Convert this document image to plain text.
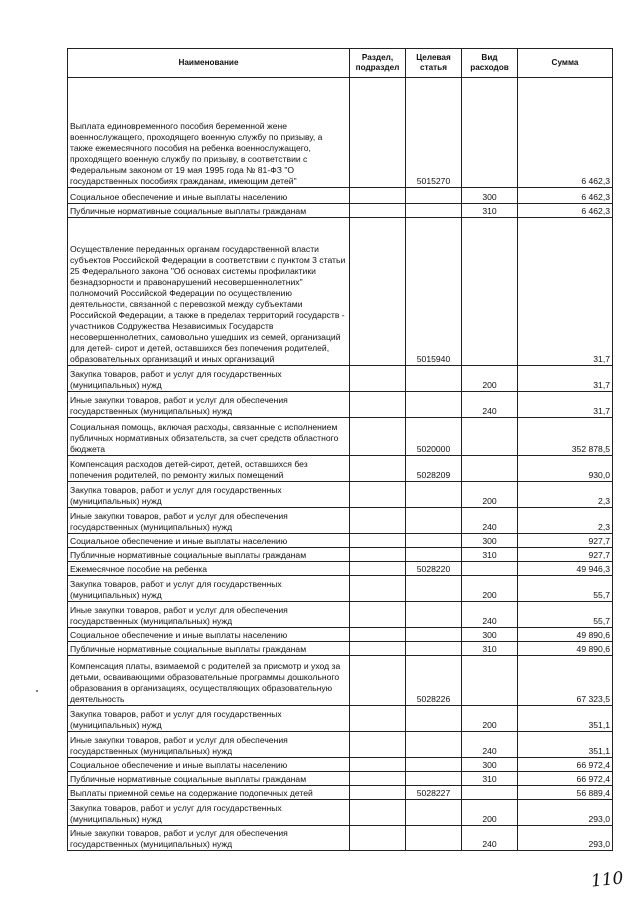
Наименование	Раздел, подраздел	Целевая статья	Вид расходов	Сумма
Выплата единовременного пособия беременной жене военнослужащего, проходящего военную службу по призыву, а также ежемесячного пособия на ребенка военнослужащего, проходящего военную службу по призыву, в соответствии с Федеральным законом от 19 мая 1995 года № 81-ФЗ "О государственных пособиях гражданам, имеющим детей"		5015270		6 462,3
Социальное обеспечение и иные выплаты населению			300	6 462,3
Публичные нормативные социальные выплаты гражданам			310	6 462,3
Осуществление переданных органам государственной власти субъектов Российской Федерации в соответствии с пунктом 3 статьи 25 Федерального закона "Об основах системы профилактики безнадзорности и правонарушений несовершеннолетних" полномочий Российской Федерации по осуществлению деятельности, связанной с перевозкой между субъектами Российской Федерации, а также в пределах территорий государств - участников Содружества Независимых Государств несовершеннолетних, самовольно ушедших из семей, организаций для детей- сирот и детей, оставшихся без попечения родителей, образовательных организаций и иных организаций		5015940		31,7
Закупка товаров, работ и услуг для государственных (муниципальных) нужд			200	31,7
Иные закупки товаров, работ и услуг для обеспечения государственных (муниципальных) нужд			240	31,7
Социальная помощь, включая расходы, связанные с исполнением публичных нормативных обязательств, за счет средств областного бюджета		5020000		352 878,5
Компенсация расходов детей-сирот, детей, оставшихся без попечения родителей, по ремонту жилых помещений		5028209		930,0
Закупка товаров, работ и услуг для государственных (муниципальных) нужд			200	2,3
Иные закупки товаров, работ и услуг для обеспечения государственных (муниципальных) нужд			240	2,3
Социальное обеспечение и иные выплаты населению			300	927,7
Публичные нормативные социальные выплаты гражданам			310	927,7
Ежемесячное пособие на ребенка		5028220		49 946,3
Закупка товаров, работ и услуг для государственных (муниципальных) нужд			200	55,7
Иные закупки товаров, работ и услуг для обеспечения государственных (муниципальных) нужд			240	55,7
Социальное обеспечение и иные выплаты населению			300	49 890,6
Публичные нормативные социальные выплаты гражданам			310	49 890,6
Компенсация платы, взимаемой с родителей за присмотр и уход за детьми, осваивающими образовательные программы дошкольного образования в организациях, осуществляющих образовательную деятельность		5028226		67 323,5
Закупка товаров, работ и услуг для государственных (муниципальных) нужд			200	351,1
Иные закупки товаров, работ и услуг для обеспечения государственных (муниципальных) нужд			240	351,1
Социальное обеспечение и иные выплаты населению			300	66 972,4
Публичные нормативные социальные выплаты гражданам			310	66 972,4
Выплаты приемной семье на содержание подопечных детей		5028227		56 889,4
Закупка товаров, работ и услуг для государственных (муниципальных) нужд			200	293,0
Иные закупки товаров, работ и услуг для обеспечения государственных (муниципальных) нужд			240	293,0
110
